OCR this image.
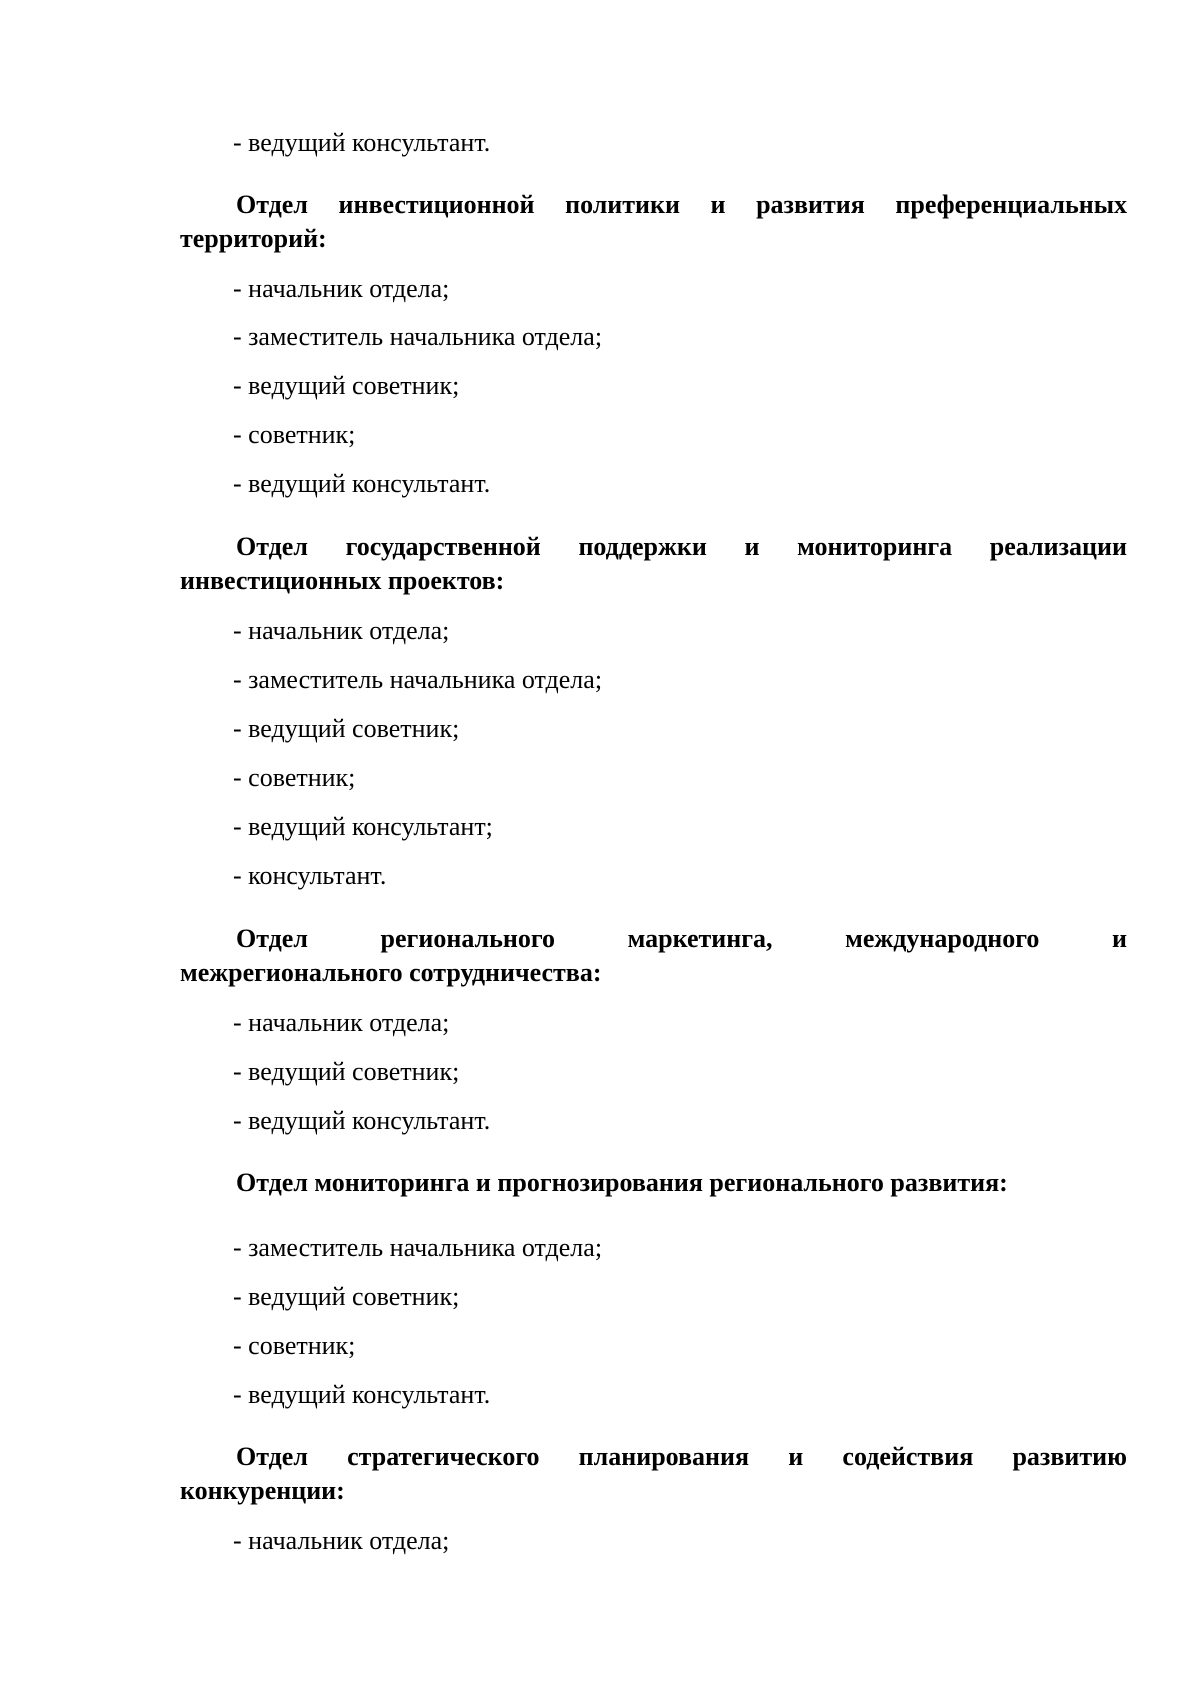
- ведущий консультант.
Отдел инвестиционной политики и развития преференциальных
территорий:
- начальник отдела;
- заместитель начальника отдела;
- ведущий советник;
- советник;
- ведущий консультант.
Отдел государственной поддержки и мониторинга реализации
инвестиционных проектов:
- начальник отдела;
- заместитель начальника отдела;
- ведущий советник;
- советник;
- ведущий консультант;
- консультант.
Отдел регионального маркетинга, международного и
межрегионального сотрудничества:
- начальник отдела;
- ведущий советник;
- ведущий консультант.
Отдел мониторинга и прогнозирования регионального развития:
- заместитель начальника отдела;
- ведущий советник;
- советник;
- ведущий консультант.
Отдел стратегического планирования и содействия развитию
конкуренции:
- начальник отдела;
